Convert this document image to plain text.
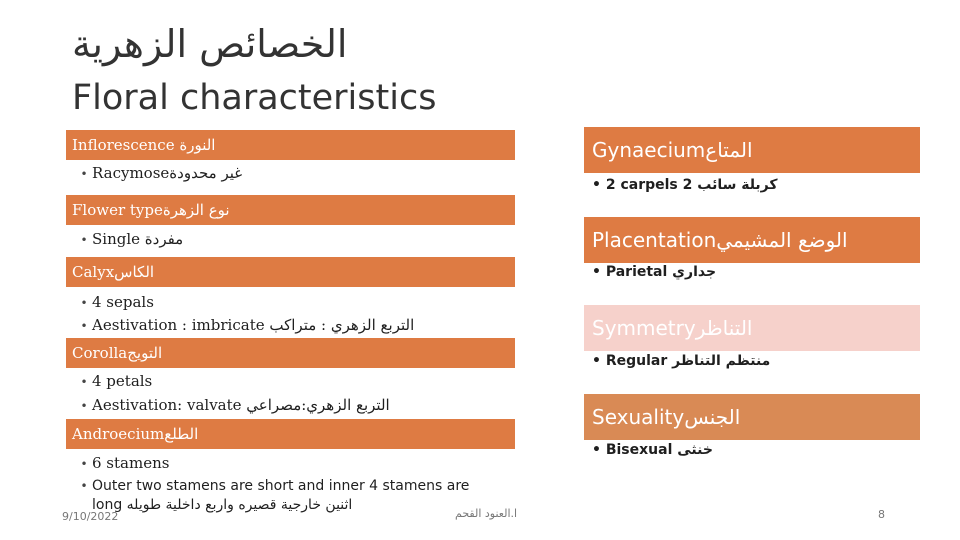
الخصائص الزهرية
Floral characteristics
Inflorescence النورة
• Racymoseغير محدودة
Flower typeنوع الزهرة
• Single مفردة
Calyxالكاس
• 4 sepals
• Aestivation : imbricate التربع الزهري : متراكب
Corollaالتويج
• 4 petals
• Aestivation: valvate التربع الزهري:مصراعي
Androeciumالطلع
• 6 stamens
• Outer two stamens are short and inner 4 stamens are
long اثنين خارجية قصيره واربع داخلية طويله
Gynaeciumالمتاع
• 2 carpels كربلة سائب 2
Placentationالوضع المشيمي
• Parietal جداري
Symmetryالتناظر
• Regular منتظم التناظر
Sexualityالجنس
• Bisexual خنثى
9/10/2022	ا.العنود القحم	8
